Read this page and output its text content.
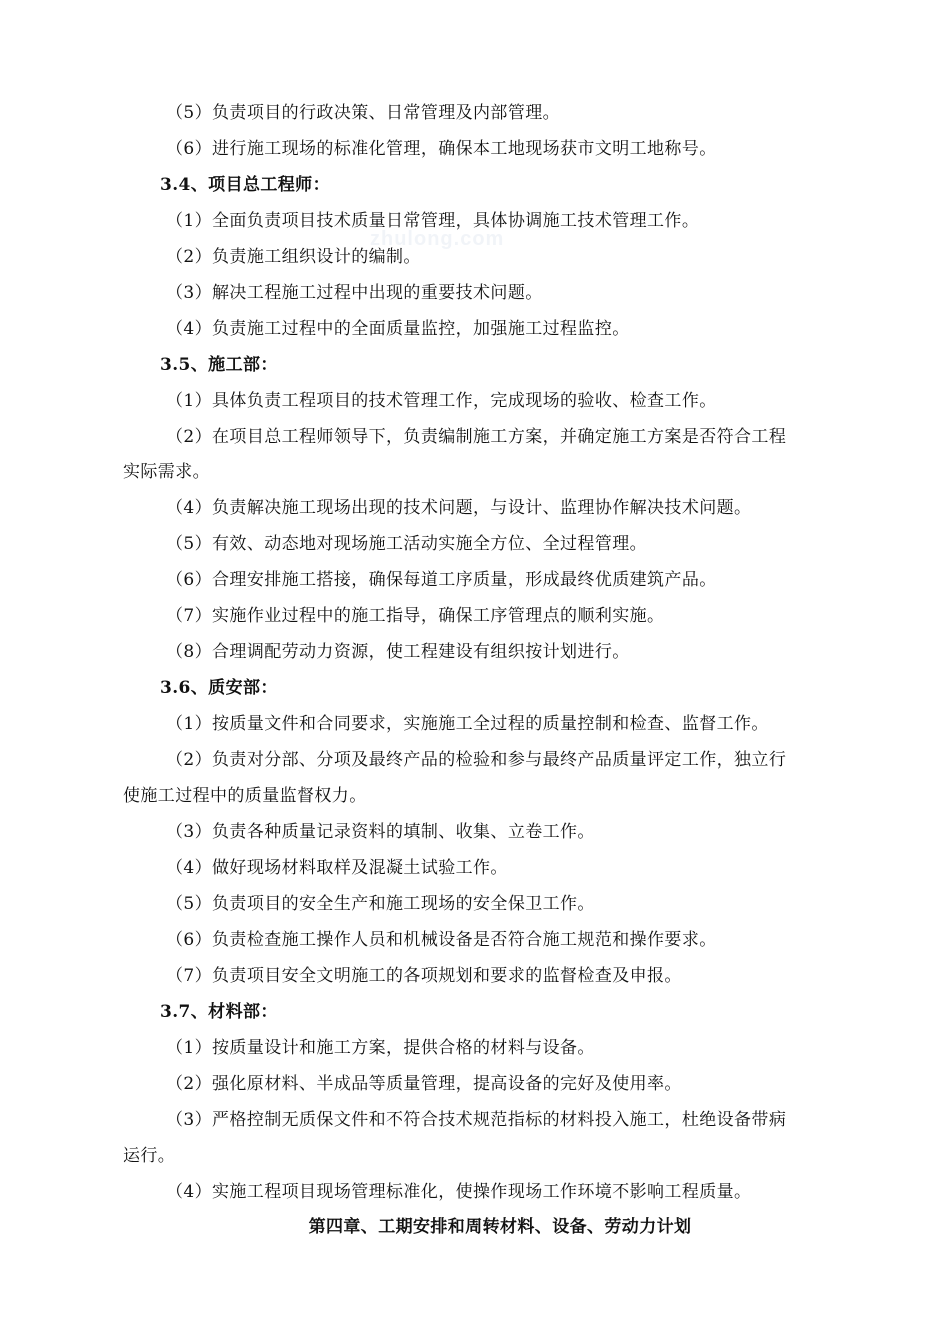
zhulong.com
（5）负责项目的行政决策、日常管理及内部管理。
（6）进行施工现场的标准化管理，确保本工地现场获市文明工地称号。
3.4、项目总工程师：
（1）全面负责项目技术质量日常管理，具体协调施工技术管理工作。
（2）负责施工组织设计的编制。
（3）解决工程施工过程中出现的重要技术问题。
（4）负责施工过程中的全面质量监控，加强施工过程监控。
3.5、施工部：
（1）具体负责工程项目的技术管理工作，完成现场的验收、检查工作。
（2）在项目总工程师领导下，负责编制施工方案，并确定施工方案是否符合工程
实际需求。
（4）负责解决施工现场出现的技术问题，与设计、监理协作解决技术问题。
（5）有效、动态地对现场施工活动实施全方位、全过程管理。
（6）合理安排施工搭接，确保每道工序质量，形成最终优质建筑产品。
（7）实施作业过程中的施工指导，确保工序管理点的顺利实施。
（8）合理调配劳动力资源，使工程建设有组织按计划进行。
3.6、质安部：
（1）按质量文件和合同要求，实施施工全过程的质量控制和检查、监督工作。
（2）负责对分部、分项及最终产品的检验和参与最终产品质量评定工作，独立行
使施工过程中的质量监督权力。
（3）负责各种质量记录资料的填制、收集、立卷工作。
（4）做好现场材料取样及混凝土试验工作。
（5）负责项目的安全生产和施工现场的安全保卫工作。
（6）负责检查施工操作人员和机械设备是否符合施工规范和操作要求。
（7）负责项目安全文明施工的各项规划和要求的监督检查及申报。
3.7、材料部：
（1）按质量设计和施工方案，提供合格的材料与设备。
（2）强化原材料、半成品等质量管理，提高设备的完好及使用率。
（3）严格控制无质保文件和不符合技术规范指标的材料投入施工，杜绝设备带病
运行。
（4）实施工程项目现场管理标准化，使操作现场工作环境不影响工程质量。
第四章、工期安排和周转材料、设备、劳动力计划
